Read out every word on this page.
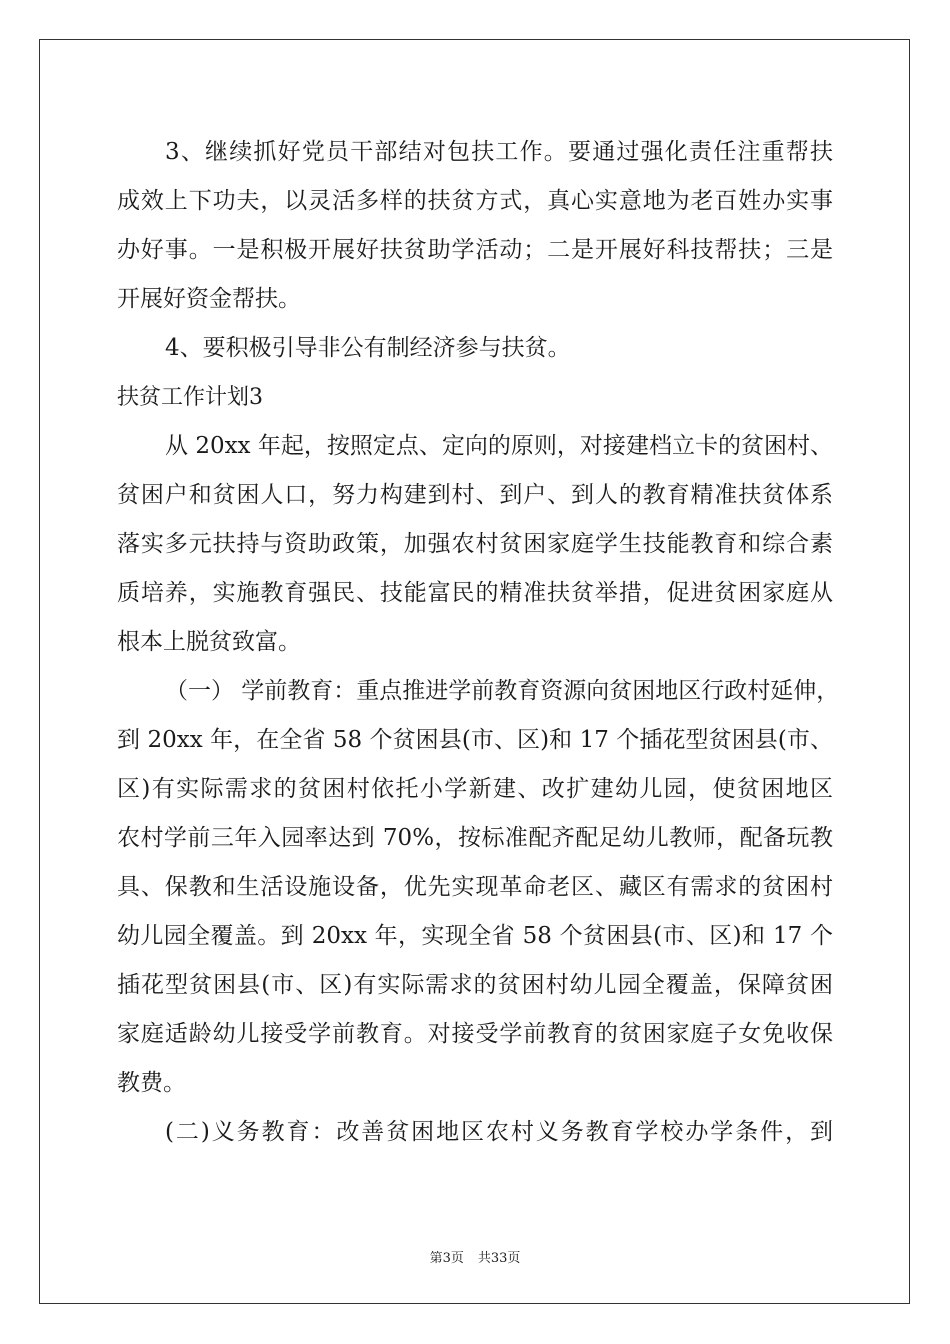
3、继续抓好党员干部结对包扶工作。要通过强化责任注重帮扶
成效上下功夫，以灵活多样的扶贫方式，真心实意地为老百姓办实事
办好事。一是积极开展好扶贫助学活动；二是开展好科技帮扶；三是
开展好资金帮扶。
4、要积极引导非公有制经济参与扶贫。
扶贫工作计划3
从 20xx 年起，按照定点、定向的原则，对接建档立卡的贫困村、
贫困户和贫困人口，努力构建到村、到户、到人的教育精准扶贫体系
落实多元扶持与资助政策，加强农村贫困家庭学生技能教育和综合素
质培养，实施教育强民、技能富民的精准扶贫举措，促进贫困家庭从
根本上脱贫致富。
（一） 学前教育：重点推进学前教育资源向贫困地区行政村延伸，
到 20xx 年，在全省 58 个贫困县(市、区)和 17 个插花型贫困县(市、
区)有实际需求的贫困村依托小学新建、改扩建幼儿园，使贫困地区
农村学前三年入园率达到 70%，按标准配齐配足幼儿教师，配备玩教
具、保教和生活设施设备，优先实现革命老区、藏区有需求的贫困村
幼儿园全覆盖。到 20xx 年，实现全省 58 个贫困县(市、区)和 17 个
插花型贫困县(市、区)有实际需求的贫困村幼儿园全覆盖，保障贫困
家庭适龄幼儿接受学前教育。对接受学前教育的贫困家庭子女免收保
教费。
(二)义务教育：改善贫困地区农村义务教育学校办学条件，到
第3页 共33页
